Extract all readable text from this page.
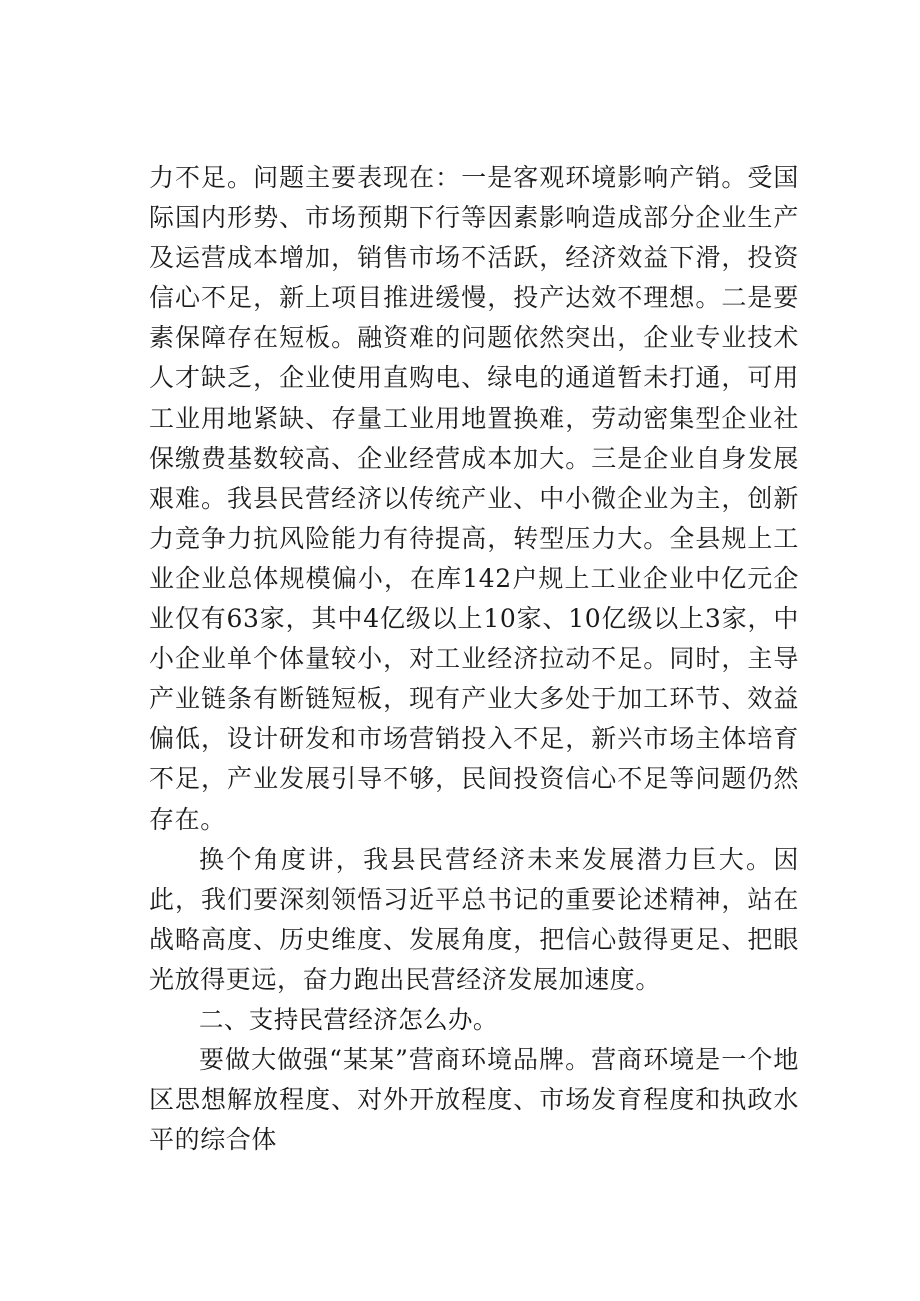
力不足。问题主要表现在：一是客观环境影响产销。受国际国内形势、市场预期下行等因素影响造成部分企业生产及运营成本增加，销售市场不活跃，经济效益下滑，投资信心不足，新上项目推进缓慢，投产达效不理想。二是要素保障存在短板。融资难的问题依然突出，企业专业技术人才缺乏，企业使用直购电、绿电的通道暂未打通，可用工业用地紧缺、存量工业用地置换难，劳动密集型企业社保缴费基数较高、企业经营成本加大。三是企业自身发展艰难。我县民营经济以传统产业、中小微企业为主，创新力竞争力抗风险能力有待提高，转型压力大。全县规上工业企业总体规模偏小，在库142户规上工业企业中亿元企业仅有63家，其中4亿级以上10家、10亿级以上3家，中小企业单个体量较小，对工业经济拉动不足。同时，主导产业链条有断链短板，现有产业大多处于加工环节、效益偏低，设计研发和市场营销投入不足，新兴市场主体培育不足，产业发展引导不够，民间投资信心不足等问题仍然存在。

换个角度讲，我县民营经济未来发展潜力巨大。因此，我们要深刻领悟习近平总书记的重要论述精神，站在战略高度、历史维度、发展角度，把信心鼓得更足、把眼光放得更远，奋力跑出民营经济发展加速度。

二、支持民营经济怎么办。

要做大做强“某某”营商环境品牌。营商环境是一个地区思想解放程度、对外开放程度、市场发育程度和执政水平的综合体
